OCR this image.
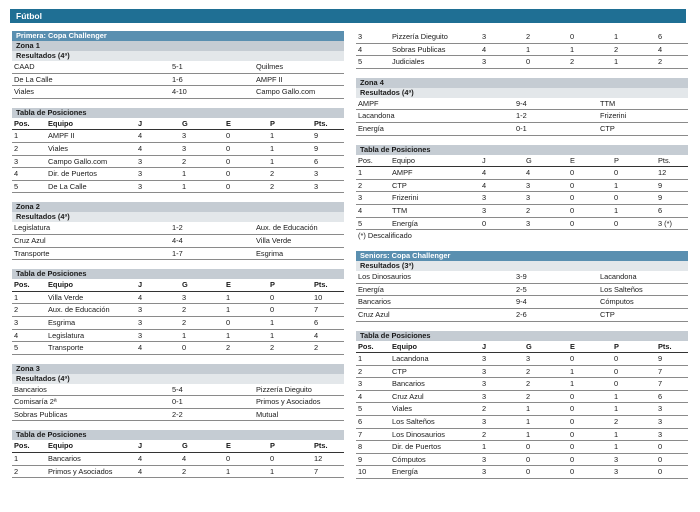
Fútbol
Primera: Copa Challenger
Zona 1
Resultados (4ª)
CAAD	5-1	Quilmes
De La Calle	1-6	AMPF II
Viales	4-10	Campo Gallo.com
Tabla de Posiciones
Pos.	Equipo	J	G	E	P	Pts.
1	AMPF II	4	3	0	1	9
2	Viales	4	3	0	1	9
3	Campo Gallo.com	3	2	0	1	6
4	Dir. de Puertos	3	1	0	2	3
5	De La Calle	3	1	0	2	3
Zona 2
Resultados (4ª)
Legislatura	1-2	Aux. de Educación
Cruz Azul	4-4	Villa Verde
Transporte	1-7	Esgrima
Tabla de Posiciones
Pos.	Equipo	J	G	E	P	Pts.
1	Villa Verde	4	3	1	0	10
2	Aux. de Educación	3	2	1	0	7
3	Esgrima	3	2	0	1	6
4	Legislatura	3	1	1	1	4
5	Transporte	4	0	2	2	2
Zona 3
Resultados (4ª)
Bancarios	5-4	Pizzería Dieguito
Comisaría 2ª	0-1	Primos y Asociados
Sobras Publicas	2-2	Mutual
Tabla de Posiciones
Pos.	Equipo	J	G	E	P	Pts.
1	Bancarios	4	4	0	0	12
2	Primos y Asociados	4	2	1	1	7
3	Pizzería Dieguito	3	2	0	1	6
4	Sobras Publicas	4	1	1	2	4
5	Judiciales	3	0	2	1	2
Zona 4
Resultados (4ª)
AMPF	9-4	TTM
Lacandona	1-2	Frizerini
Energía	0-1	CTP
Tabla de Posiciones
Pos.	Equipo	J	G	E	P	Pts.
1	AMPF	4	4	0	0	12
2	CTP	4	3	0	1	9
3	Frizerini	3	3	0	0	9
4	TTM	3	2	0	1	6
5	Energía	0	3	0	0	3 (*)
(*) Descalificado
Seniors: Copa Challenger
Resultados (3ª)
Los Dinosaurios	3-9	Lacandona
Energía	2-5	Los Salteños
Bancarios	9-4	Cómputos
Cruz Azul	2-6	CTP
Tabla de Posiciones
Pos.	Equipo	J	G	E	P	Pts.
1	Lacandona	3	3	0	0	9
2	CTP	3	2	1	0	7
3	Bancarios	3	2	1	0	7
4	Cruz Azul	3	2	0	1	6
5	Viales	2	1	0	1	3
6	Los Salteños	3	1	0	2	3
7	Los Dinosaurios	2	1	0	1	3
8	Dir. de Puertos	1	0	0	1	0
9	Cómputos	3	0	0	3	0
10	Energía	3	0	0	3	0
